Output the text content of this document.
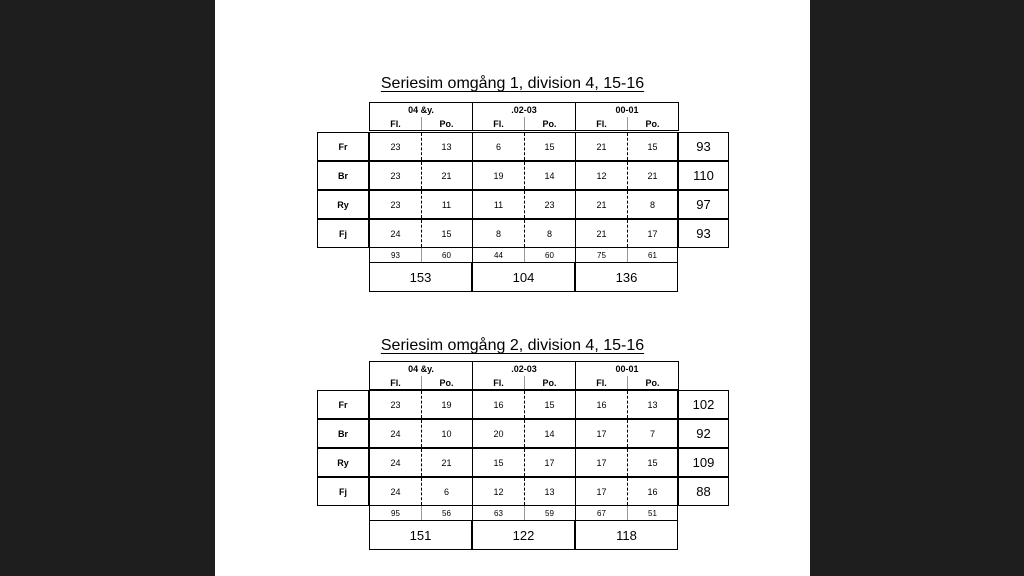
Seriesim omgång 1, division 4, 15-16
04 &y.
Fl.	Po.
.02-03
Fl.	Po.
00-01
Fl.	Po.
Fr	23	13	6	15	21	15	93
Br	23	21	19	14	12	21	110
Ry	23	11	11	23	21	8	97
Fj	24	15	8	8	21	17	93
93	60	44	60	75	61
153	104	136
Seriesim omgång 2, division 4, 15-16
04 &y.
Fl.	Po.
.02-03
Fl.	Po.
00-01
Fl.	Po.
Fr	23	19	16	15	16	13	102
Br	24	10	20	14	17	7	92
Ry	24	21	15	17	17	15	109
Fj	24	6	12	13	17	16	88
95	56	63	59	67	51
151	122	118
